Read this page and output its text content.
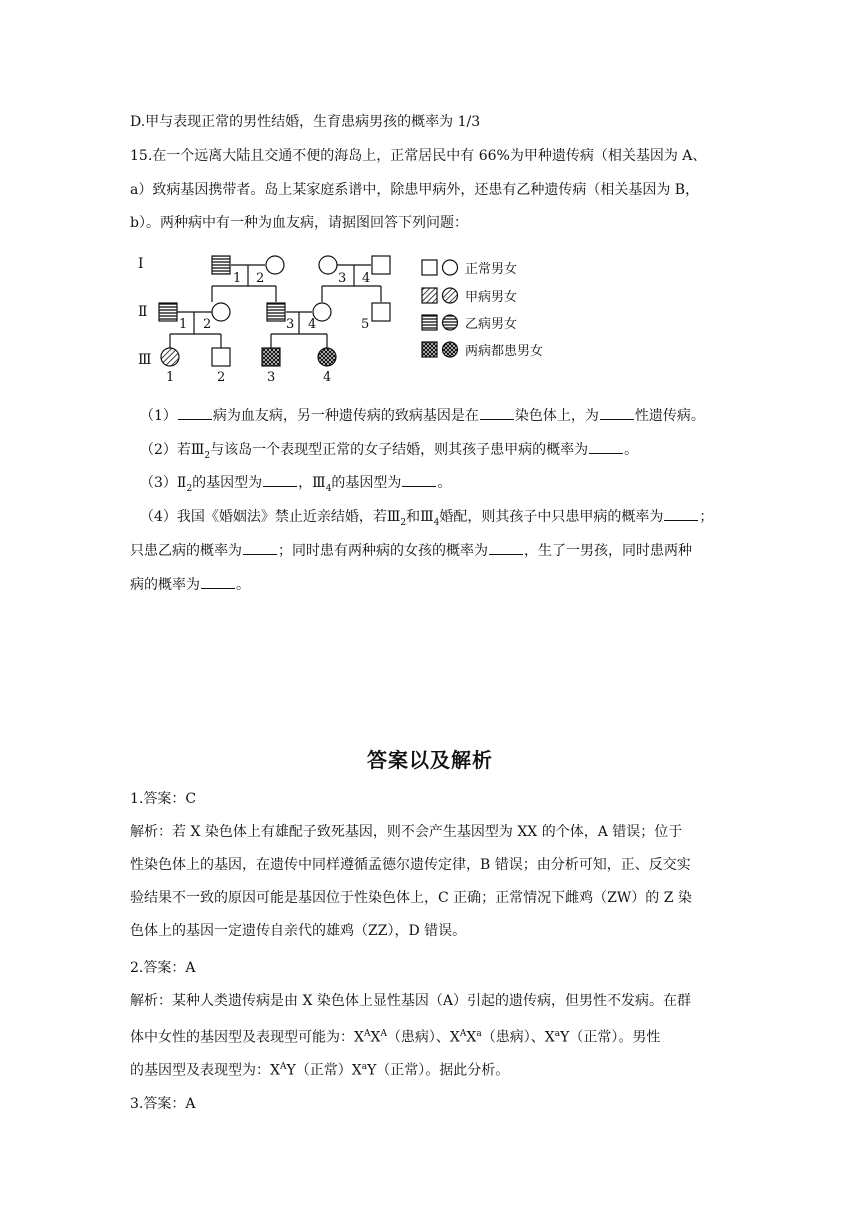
D.甲与表现正常的男性结婚，生育患病男孩的概率为 1/3
15.在一个远离大陆且交通不便的海岛上，正常居民中有 66%为甲种遗传病（相关基因为 A、
a）致病基因携带者。岛上某家庭系谱中，除患甲病外，还患有乙种遗传病（相关基因为 B，
b）。两种病中有一种为血友病，请据图回答下列问题：
Ⅰ
Ⅱ
Ⅲ
1 2	3 4
1 2	3 4	5
1	2	3	4
正常男女
甲病男女
乙病男女
两病都患男女
（1）	病为血友病，另一种遗传病的致病基因是在	染色体上，为	性遗传病。
（2）若$Ⅲ_2$与该岛一个表现型正常的女子结婚，则其孩子患甲病的概率为	。
$(3)Ⅱ_2$的基因型为	，$Ⅲ_4$的基因型为	。
（4）我国《婚姻法》禁止近亲结婚，若$Ⅲ_2$和$Ⅲ_4$婚配，则其孩子中只患甲病的概率为	；
只患乙病的概率为	；同时患有两种病的女孩的概率为	，生了一男孩，同时患两种
病的概率为	。
答案以及解析
1.答案：C
解析：若 X 染色体上有雄配子致死基因，则不会产生基因型为 XX 的个体，A 错误；位于
性染色体上的基因，在遗传中同样遵循孟德尔遗传定律，B 错误；由分析可知，正、反交实
验结果不一致的原因可能是基因位于性染色体上，C 正确；正常情况下雌鸡（ZW）的 Z 染
色体上的基因一定遗传自亲代的雄鸡（ZZ），D 错误。
2.答案：A
解析：某种人类遗传病是由 X 染色体上显性基因（A）引起的遗传病，但男性不发病。在群
体中女性的基因型及表现型可能为：$X^AX^A$（患病）、$X^AX^a$（患病）、$X^aY$（正常）。男性
的基因型及表现型为：$X^AY$（正常）$X^aY$（正常）。据此分析。
3.答案：A
